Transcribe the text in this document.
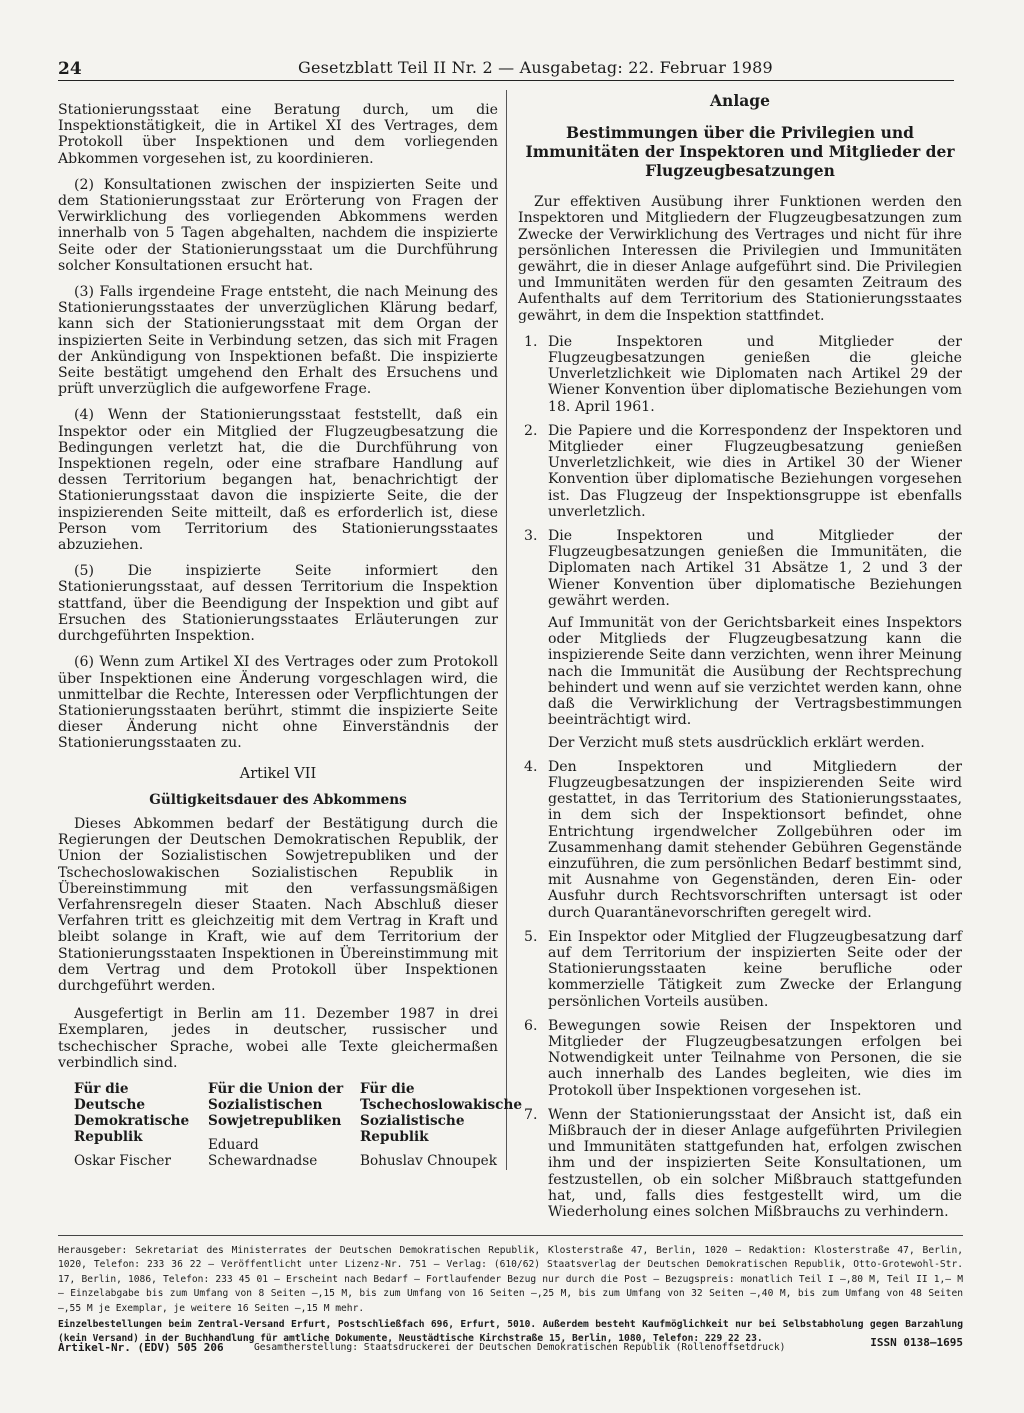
24	Gesetzblatt Teil II Nr. 2 — Ausgabetag: 22. Februar 1989

Stationierungsstaat eine Beratung durch, um die Inspektionstätigkeit, die in Artikel XI des Vertrages, dem Protokoll über Inspektionen und dem vorliegenden Abkommen vorgesehen ist, zu koordinieren.

(2) Konsultationen zwischen der inspizierten Seite und dem Stationierungsstaat zur Erörterung von Fragen der Verwirklichung des vorliegenden Abkommens werden innerhalb von 5 Tagen abgehalten, nachdem die inspizierte Seite oder der Stationierungsstaat um die Durchführung solcher Konsultationen ersucht hat.

(3) Falls irgendeine Frage entsteht, die nach Meinung des Stationierungsstaates der unverzüglichen Klärung bedarf, kann sich der Stationierungsstaat mit dem Organ der inspizierten Seite in Verbindung setzen, das sich mit Fragen der Ankündigung von Inspektionen befaßt. Die inspizierte Seite bestätigt umgehend den Erhalt des Ersuchens und prüft unverzüglich die aufgeworfene Frage.

(4) Wenn der Stationierungsstaat feststellt, daß ein Inspektor oder ein Mitglied der Flugzeugbesatzung die Bedingungen verletzt hat, die die Durchführung von Inspektionen regeln, oder eine strafbare Handlung auf dessen Territorium begangen hat, benachrichtigt der Stationierungsstaat davon die inspizierte Seite, die der inspizierenden Seite mitteilt, daß es erforderlich ist, diese Person vom Territorium des Stationierungsstaates abzuziehen.

(5) Die inspizierte Seite informiert den Stationierungsstaat, auf dessen Territorium die Inspektion stattfand, über die Beendigung der Inspektion und gibt auf Ersuchen des Stationierungsstaates Erläuterungen zur durchgeführten Inspektion.

(6) Wenn zum Artikel XI des Vertrages oder zum Protokoll über Inspektionen eine Änderung vorgeschlagen wird, die unmittelbar die Rechte, Interessen oder Verpflichtungen der Stationierungsstaaten berührt, stimmt die inspizierte Seite dieser Änderung nicht ohne Einverständnis der Stationierungsstaaten zu.

Artikel VII

Gültigkeitsdauer des Abkommens

Dieses Abkommen bedarf der Bestätigung durch die Regierungen der Deutschen Demokratischen Republik, der Union der Sozialistischen Sowjetrepubliken und der Tschechoslowakischen Sozialistischen Republik in Übereinstimmung mit den verfassungsmäßigen Verfahrensregeln dieser Staaten. Nach Abschluß dieser Verfahren tritt es gleichzeitig mit dem Vertrag in Kraft und bleibt solange in Kraft, wie auf dem Territorium der Stationierungsstaaten Inspektionen in Übereinstimmung mit dem Vertrag und dem Protokoll über Inspektionen durchgeführt werden.

Ausgefertigt in Berlin am 11. Dezember 1987 in drei Exemplaren, jedes in deutscher, russischer und tschechischer Sprache, wobei alle Texte gleichermaßen verbindlich sind.

Für die Deutsche Demokratische Republik
Oskar Fischer
Für die Union der Sozialistischen Sowjetrepubliken
Eduard Schewardnadse
Für die Tschechoslowakische Sozialistische Republik
Bohuslav Chnoupek

Anlage

Bestimmungen über die Privilegien und Immunitäten der Inspektoren und Mitglieder der Flugzeugbesatzungen

Zur effektiven Ausübung ihrer Funktionen werden den Inspektoren und Mitgliedern der Flugzeugbesatzungen zum Zwecke der Verwirklichung des Vertrages und nicht für ihre persönlichen Interessen die Privilegien und Immunitäten gewährt, die in dieser Anlage aufgeführt sind. Die Privilegien und Immunitäten werden für den gesamten Zeitraum des Aufenthalts auf dem Territorium des Stationierungsstaates gewährt, in dem die Inspektion stattfindet.

1. Die Inspektoren und Mitglieder der Flugzeugbesatzungen genießen die gleiche Unverletzlichkeit wie Diplomaten nach Artikel 29 der Wiener Konvention über diplomatische Beziehungen vom 18. April 1961.

2. Die Papiere und die Korrespondenz der Inspektoren und Mitglieder einer Flugzeugbesatzung genießen Unverletzlichkeit, wie dies in Artikel 30 der Wiener Konvention über diplomatische Beziehungen vorgesehen ist. Das Flugzeug der Inspektionsgruppe ist ebenfalls unverletzlich.

3. Die Inspektoren und Mitglieder der Flugzeugbesatzungen genießen die Immunitäten, die Diplomaten nach Artikel 31 Absätze 1, 2 und 3 der Wiener Konvention über diplomatische Beziehungen gewährt werden.

Auf Immunität von der Gerichtsbarkeit eines Inspektors oder Mitglieds der Flugzeugbesatzung kann die inspizierende Seite dann verzichten, wenn ihrer Meinung nach die Immunität die Ausübung der Rechtsprechung behindert und wenn auf sie verzichtet werden kann, ohne daß die Verwirklichung der Vertragsbestimmungen beeinträchtigt wird.

Der Verzicht muß stets ausdrücklich erklärt werden.

4. Den Inspektoren und Mitgliedern der Flugzeugbesatzungen der inspizierenden Seite wird gestattet, in das Territorium des Stationierungsstaates, in dem sich der Inspektionsort befindet, ohne Entrichtung irgendwelcher Zollgebühren oder im Zusammenhang damit stehender Gebühren Gegenstände einzuführen, die zum persönlichen Bedarf bestimmt sind, mit Ausnahme von Gegenständen, deren Ein- oder Ausfuhr durch Rechtsvorschriften untersagt ist oder durch Quarantänevorschriften geregelt wird.

5. Ein Inspektor oder Mitglied der Flugzeugbesatzung darf auf dem Territorium der inspizierten Seite oder der Stationierungsstaaten keine berufliche oder kommerzielle Tätigkeit zum Zwecke der Erlangung persönlichen Vorteils ausüben.

6. Bewegungen sowie Reisen der Inspektoren und Mitglieder der Flugzeugbesatzungen erfolgen bei Notwendigkeit unter Teilnahme von Personen, die sie auch innerhalb des Landes begleiten, wie dies im Protokoll über Inspektionen vorgesehen ist.

7. Wenn der Stationierungsstaat der Ansicht ist, daß ein Mißbrauch der in dieser Anlage aufgeführten Privilegien und Immunitäten stattgefunden hat, erfolgen zwischen ihm und der inspizierten Seite Konsultationen, um festzustellen, ob ein solcher Mißbrauch stattgefunden hat, und, falls dies festgestellt wird, um die Wiederholung eines solchen Mißbrauchs zu verhindern.

Herausgeber: Sekretariat des Ministerrates der Deutschen Demokratischen Republik, Klosterstraße 47, Berlin, 1020 – Redaktion: Klosterstraße 47, Berlin, 1020, Telefon: 233 36 22 – Veröffentlicht unter Lizenz-Nr. 751 – Verlag: (610/62) Staatsverlag der Deutschen Demokratischen Republik, Otto-Grotewohl-Str. 17, Berlin, 1086, Telefon: 233 45 01 – Erscheint nach Bedarf – Fortlaufender Bezug nur durch die Post – Bezugspreis: monatlich Teil I –,80 M, Teil II 1,– M – Einzelabgabe bis zum Umfang von 8 Seiten –,15 M, bis zum Umfang von 16 Seiten –,25 M, bis zum Umfang von 32 Seiten –,40 M, bis zum Umfang von 48 Seiten –,55 M je Exemplar, je weitere 16 Seiten –,15 M mehr.

Einzelbestellungen beim Zentral-Versand Erfurt, Postschließfach 696, Erfurt, 5010. Außerdem besteht Kaufmöglichkeit nur bei Selbstabholung gegen Barzahlung (kein Versand) in der Buchhandlung für amtliche Dokumente, Neustädtische Kirchstraße 15, Berlin, 1080, Telefon: 229 22 23.

Artikel-Nr. (EDV) 505 206	Gesamtherstellung: Staatsdruckerei der Deutschen Demokratischen Republik (Rollenoffsetdruck)	ISSN 0138–1695
